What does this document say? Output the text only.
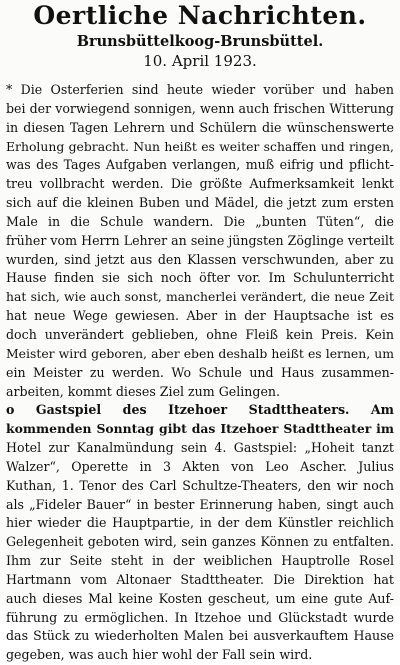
Oertliche Nachrichten.
Brunsbüttelkoog-Brunsbüttel.
10. April 1923.
* Die Osterferien sind heute wieder vorüber und haben
bei der vorwiegend sonnigen, wenn auch frischen Witterung
in diesen Tagen Lehrern und Schülern die wünschenswerte
Erholung gebracht. Nun heißt es weiter schaffen und ringen,
was des Tages Aufgaben verlangen, muß eifrig und pflicht-
treu vollbracht werden. Die größte Aufmerksamkeit lenkt
sich auf die kleinen Buben und Mädel, die jetzt zum ersten
Male in die Schule wandern. Die „bunten Tüten“, die
früher vom Herrn Lehrer an seine jüngsten Zöglinge verteilt
wurden, sind jetzt aus den Klassen verschwunden, aber zu
Hause finden sie sich noch öfter vor. Im Schulunterricht
hat sich, wie auch sonst, mancherlei verändert, die neue Zeit
hat neue Wege gewiesen. Aber in der Hauptsache ist es
doch unverändert geblieben, ohne Fleiß kein Preis. Kein
Meister wird geboren, aber eben deshalb heißt es lernen, um
ein Meister zu werden. Wo Schule und Haus zusammen-
arbeiten, kommt dieses Ziel zum Gelingen.
o Gastspiel des Itzehoer Stadttheaters. Am
kommenden Sonntag gibt das Itzehoer Stadttheater im
Hotel zur Kanalmündung sein 4. Gastspiel: „Hoheit tanzt
Walzer“, Operette in 3 Akten von Leo Ascher. Julius
Kuthan, 1. Tenor des Carl Schultze-Theaters, den wir noch
als „Fideler Bauer“ in bester Erinnerung haben, singt auch
hier wieder die Hauptpartie, in der dem Künstler reichlich
Gelegenheit geboten wird, sein ganzes Können zu entfalten.
Ihm zur Seite steht in der weiblichen Hauptrolle Rosel
Hartmann vom Altonaer Stadttheater. Die Direktion hat
auch dieses Mal keine Kosten gescheut, um eine gute Auf-
führung zu ermöglichen. In Itzehoe und Glückstadt wurde
das Stück zu wiederholten Malen bei ausverkauftem Hause
gegeben, was auch hier wohl der Fall sein wird.
